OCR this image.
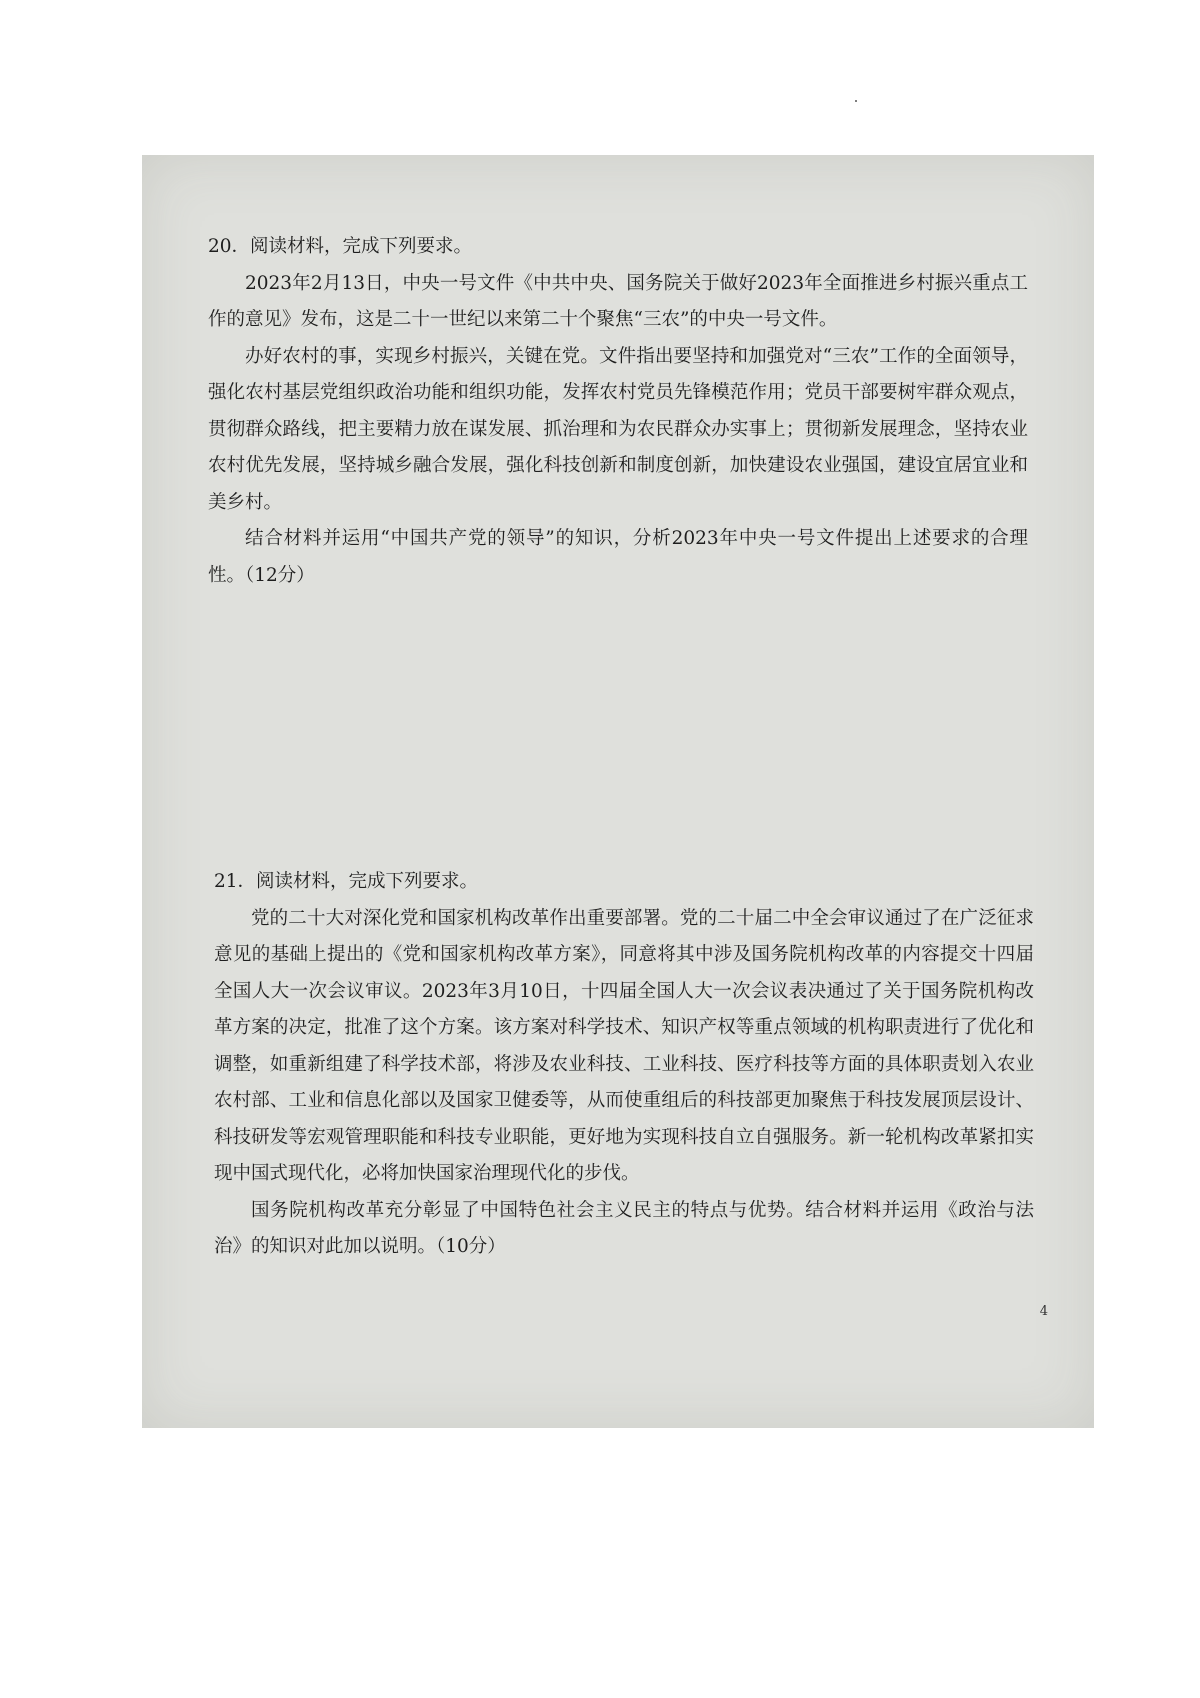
20．阅读材料，完成下列要求。

2023年2月13日，中央一号文件《中共中央、国务院关于做好2023年全面推进乡村振兴重点工作的意见》发布，这是二十一世纪以来第二十个聚焦“三农”的中央一号文件。

办好农村的事，实现乡村振兴，关键在党。文件指出要坚持和加强党对“三农”工作的全面领导，强化农村基层党组织政治功能和组织功能，发挥农村党员先锋模范作用；党员干部要树牢群众观点，贯彻群众路线，把主要精力放在谋发展、抓治理和为农民群众办实事上；贯彻新发展理念，坚持农业农村优先发展，坚持城乡融合发展，强化科技创新和制度创新，加快建设农业强国，建设宜居宜业和美乡村。

结合材料并运用“中国共产党的领导”的知识，分析2023年中央一号文件提出上述要求的合理性。（12分）

21．阅读材料，完成下列要求。

党的二十大对深化党和国家机构改革作出重要部署。党的二十届二中全会审议通过了在广泛征求意见的基础上提出的《党和国家机构改革方案》，同意将其中涉及国务院机构改革的内容提交十四届全国人大一次会议审议。2023年3月10日，十四届全国人大一次会议表决通过了关于国务院机构改革方案的决定，批准了这个方案。该方案对科学技术、知识产权等重点领域的机构职责进行了优化和调整，如重新组建了科学技术部，将涉及农业科技、工业科技、医疗科技等方面的具体职责划入农业农村部、工业和信息化部以及国家卫健委等，从而使重组后的科技部更加聚焦于科技发展顶层设计、科技研发等宏观管理职能和科技专业职能，更好地为实现科技自立自强服务。新一轮机构改革紧扣实现中国式现代化，必将加快国家治理现代化的步伐。

国务院机构改革充分彰显了中国特色社会主义民主的特点与优势。结合材料并运用《政治与法治》的知识对此加以说明。（10分）

4
